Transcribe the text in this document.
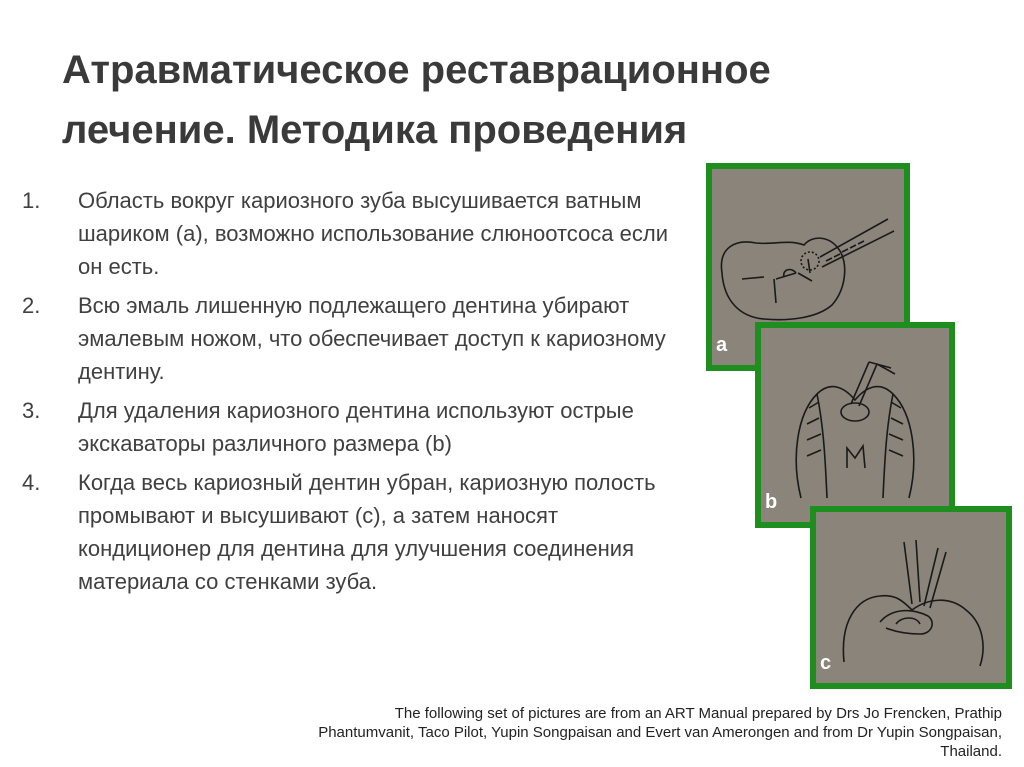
Атравматическое реставрационное
лечение. Методика проведения
1. Область вокруг кариозного зуба высушивается ватным шариком (a), возможно использование слюноотсоса если он есть.
2. Всю эмаль лишенную подлежащего дентина убирают эмалевым ножом, что обеспечивает доступ к кариозному дентину.
3. Для удаления кариозного дентина используют острые экскаваторы различного размера (b)
4. Когда весь кариозный дентин убран, кариозную полость промывают и высушивают (c), а затем наносят кондиционер для дентина для улучшения соединения материала со стенками зуба.
a
b
c
The following set of pictures are from an ART Manual prepared by Drs Jo Frencken, Prathip Phantumvanit, Taco Pilot, Yupin Songpaisan and Evert van Amerongen and from Dr Yupin Songpaisan, Thailand.
